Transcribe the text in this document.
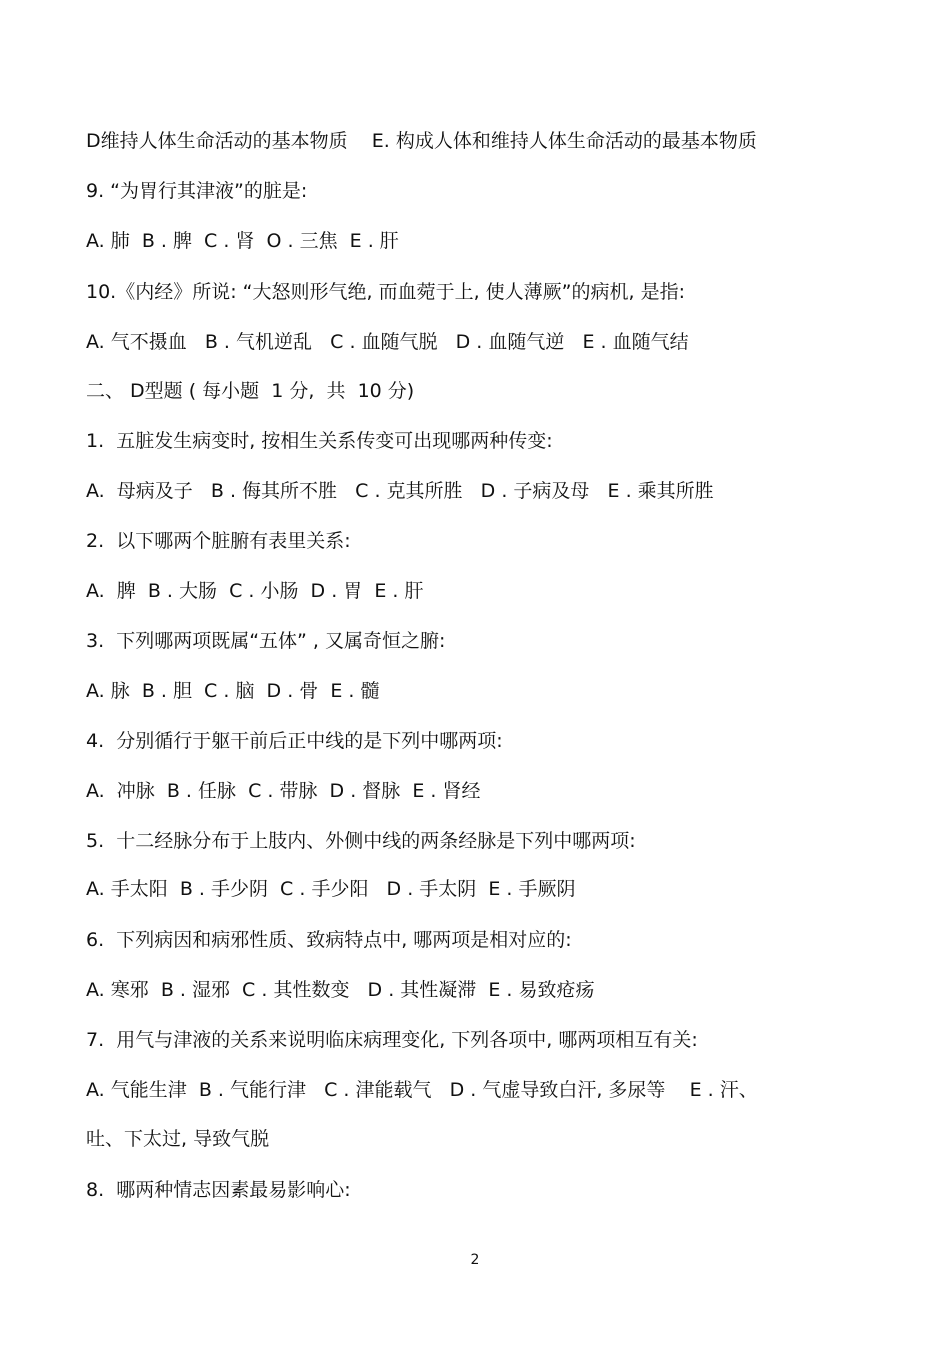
D维持人体生命活动的基本物质    E. 构成人体和维持人体生命活动的最基本物质
9. “为胃行其津液”的脏是:
A. 肺  B . 脾  C . 肾  O . 三焦  E . 肝
10.《内经》所说: “大怒则形气绝, 而血菀于上, 使人薄厥”的病机, 是指:
A. 气不摄血   B . 气机逆乱   C . 血随气脱   D . 血随气逆   E . 血随气结
二、 D型题 ( 每小题  1 分,  共  10 分)
1.  五脏发生病变时, 按相生关系传变可出现哪两种传变:
A.  母病及子   B . 侮其所不胜   C . 克其所胜   D . 子病及母   E . 乘其所胜
2.  以下哪两个脏腑有表里关系:
A.  脾  B . 大肠  C . 小肠  D . 胃  E . 肝
3.  下列哪两项既属“五体” , 又属奇恒之腑:
A. 脉  B . 胆  C . 脑  D . 骨  E . 髓
4.  分别循行于躯干前后正中线的是下列中哪两项:
A.  冲脉  B . 任脉  C . 带脉  D . 督脉  E . 肾经
5.  十二经脉分布于上肢内、外侧中线的两条经脉是下列中哪两项:
A. 手太阳  B . 手少阴  C . 手少阳   D . 手太阴  E . 手厥阴
6.  下列病因和病邪性质、致病特点中, 哪两项是相对应的:
A. 寒邪  B . 湿邪  C . 其性数变   D . 其性凝滞  E . 易致疮疡
7.  用气与津液的关系来说明临床病理变化, 下列各项中, 哪两项相互有关:
A. 气能生津  B . 气能行津   C . 津能载气   D . 气虚导致白汗, 多尿等    E . 汗、
吐、下太过, 导致气脱
8.  哪两种情志因素最易影响心:
2
